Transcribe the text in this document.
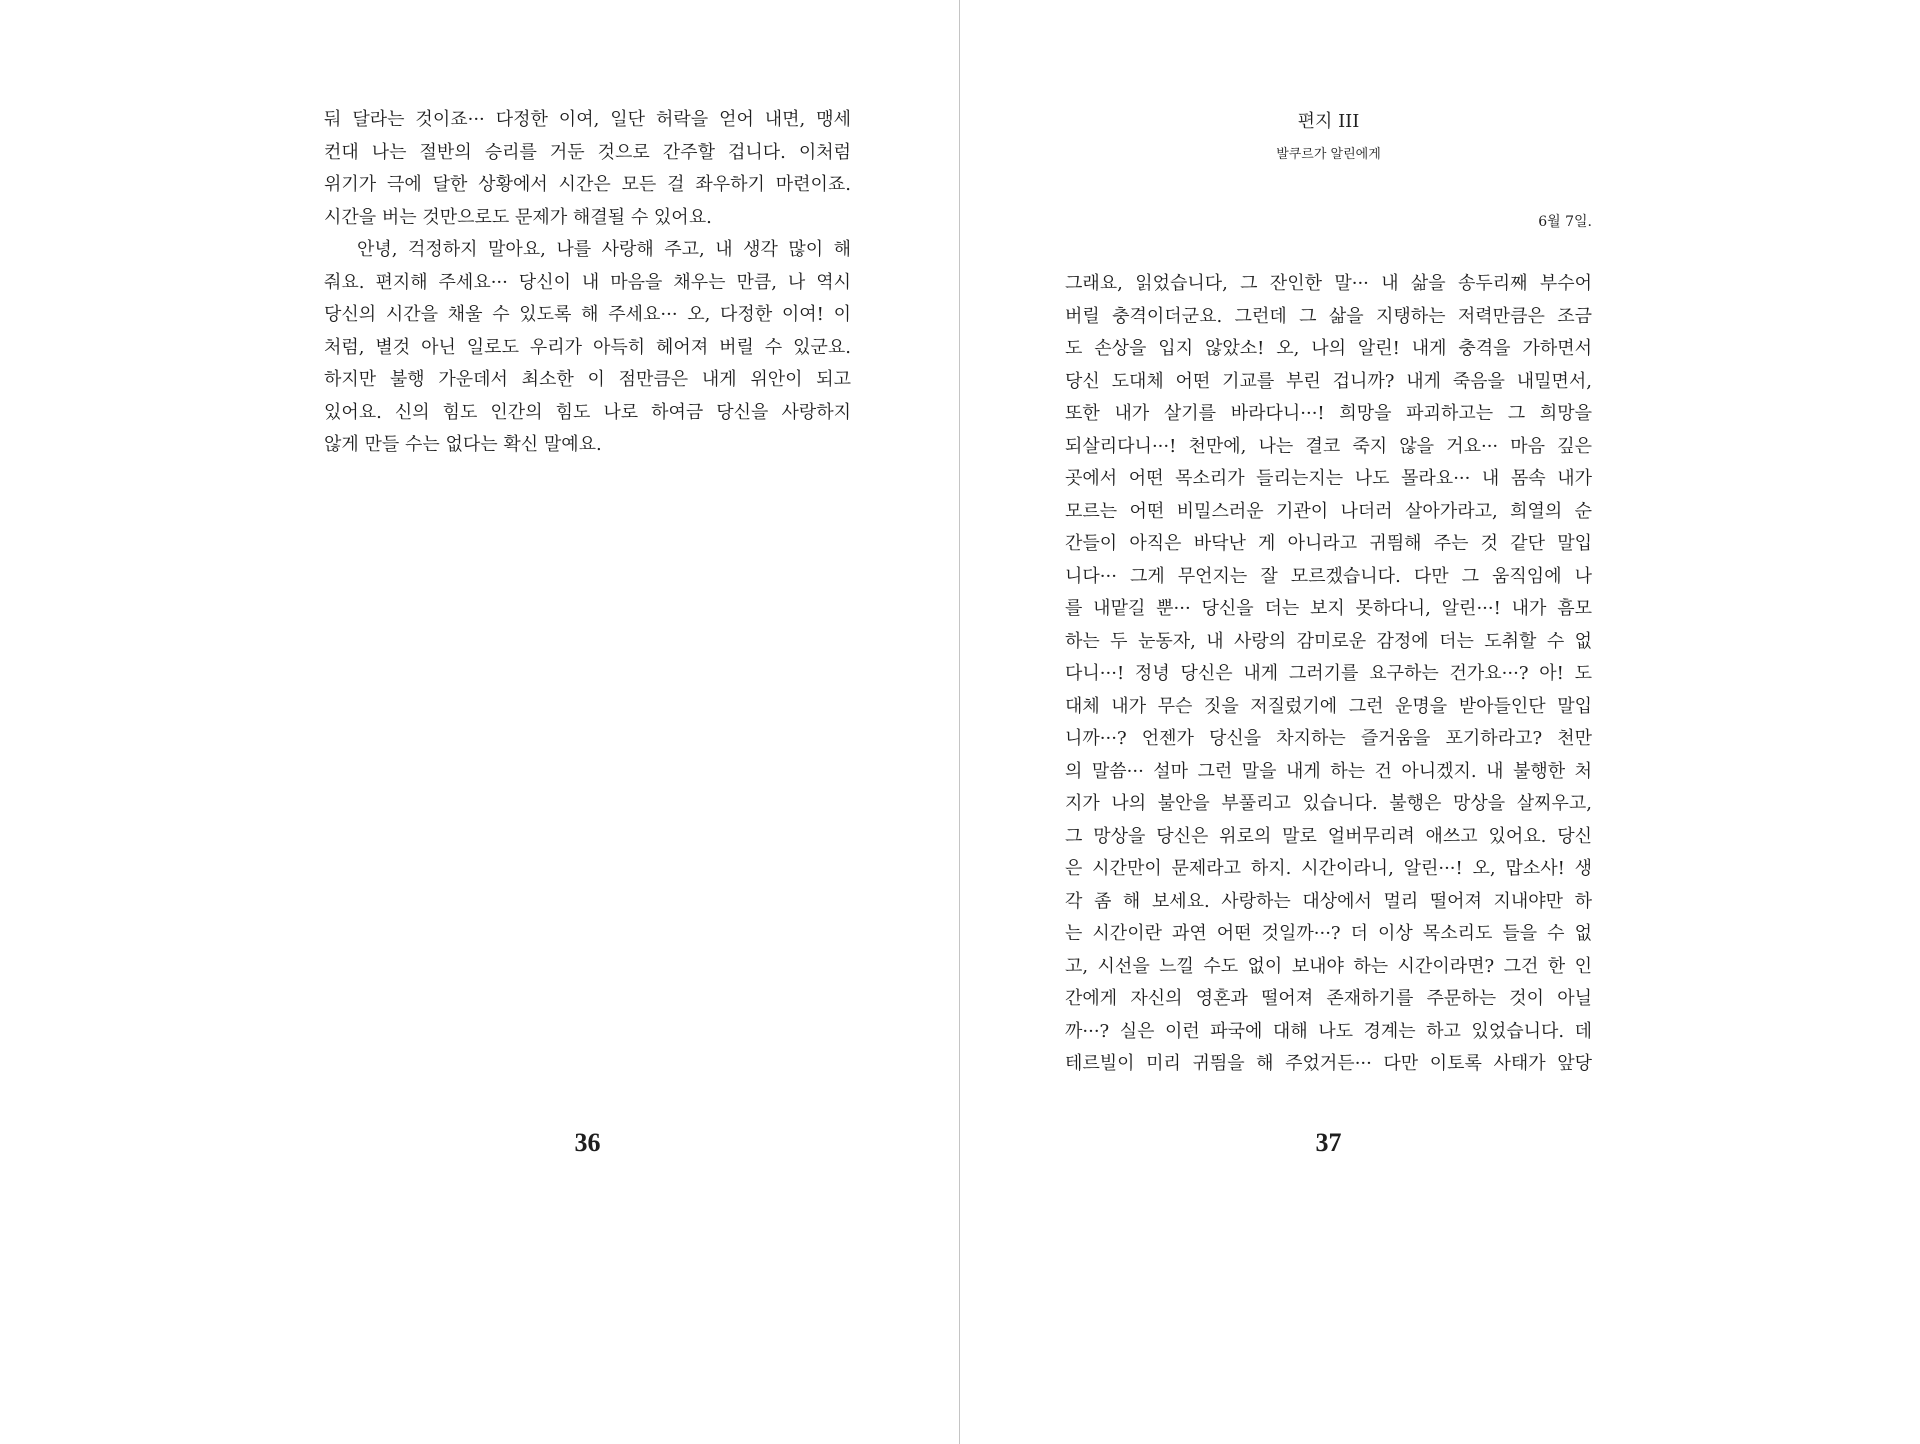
둬 달라는 것이죠··· 다정한 이여, 일단 허락을 얻어 내면, 맹세
컨대 나는 절반의 승리를 거둔 것으로 간주할 겁니다. 이처럼
위기가 극에 달한 상황에서 시간은 모든 걸 좌우하기 마련이죠.
시간을 버는 것만으로도 문제가 해결될 수 있어요.
안녕, 걱정하지 말아요, 나를 사랑해 주고, 내 생각 많이 해
줘요. 편지해 주세요··· 당신이 내 마음을 채우는 만큼, 나 역시
당신의 시간을 채울 수 있도록 해 주세요··· 오, 다정한 이여! 이
처럼, 별것 아닌 일로도 우리가 아득히 헤어져 버릴 수 있군요.
하지만 불행 가운데서 최소한 이 점만큼은 내게 위안이 되고
있어요. 신의 힘도 인간의 힘도 나로 하여금 당신을 사랑하지
않게 만들 수는 없다는 확신 말예요.
36
편지 III
발쿠르가 알린에게
6월 7일.
그래요, 읽었습니다, 그 잔인한 말··· 내 삶을 송두리째 부수어
버릴 충격이더군요. 그런데 그 삶을 지탱하는 저력만큼은 조금
도 손상을 입지 않았소! 오, 나의 알린! 내게 충격을 가하면서
당신 도대체 어떤 기교를 부린 겁니까? 내게 죽음을 내밀면서,
또한 내가 살기를 바라다니···! 희망을 파괴하고는 그 희망을
되살리다니···! 천만에, 나는 결코 죽지 않을 거요··· 마음 깊은
곳에서 어떤 목소리가 들리는지는 나도 몰라요··· 내 몸속 내가
모르는 어떤 비밀스러운 기관이 나더러 살아가라고, 희열의 순
간들이 아직은 바닥난 게 아니라고 귀띔해 주는 것 같단 말입
니다··· 그게 무언지는 잘 모르겠습니다. 다만 그 움직임에 나
를 내맡길 뿐··· 당신을 더는 보지 못하다니, 알린···! 내가 흠모
하는 두 눈동자, 내 사랑의 감미로운 감정에 더는 도취할 수 없
다니···! 정녕 당신은 내게 그러기를 요구하는 건가요···? 아! 도
대체 내가 무슨 짓을 저질렀기에 그런 운명을 받아들인단 말입
니까···? 언젠가 당신을 차지하는 즐거움을 포기하라고? 천만
의 말씀··· 설마 그런 말을 내게 하는 건 아니겠지. 내 불행한 처
지가 나의 불안을 부풀리고 있습니다. 불행은 망상을 살찌우고,
그 망상을 당신은 위로의 말로 얼버무리려 애쓰고 있어요. 당신
은 시간만이 문제라고 하지. 시간이라니, 알린···! 오, 맙소사! 생
각 좀 해 보세요. 사랑하는 대상에서 멀리 떨어져 지내야만 하
는 시간이란 과연 어떤 것일까···? 더 이상 목소리도 들을 수 없
고, 시선을 느낄 수도 없이 보내야 하는 시간이라면? 그건 한 인
간에게 자신의 영혼과 떨어져 존재하기를 주문하는 것이 아닐
까···? 실은 이런 파국에 대해 나도 경계는 하고 있었습니다. 데
테르빌이 미리 귀띔을 해 주었거든··· 다만 이토록 사태가 앞당
37
